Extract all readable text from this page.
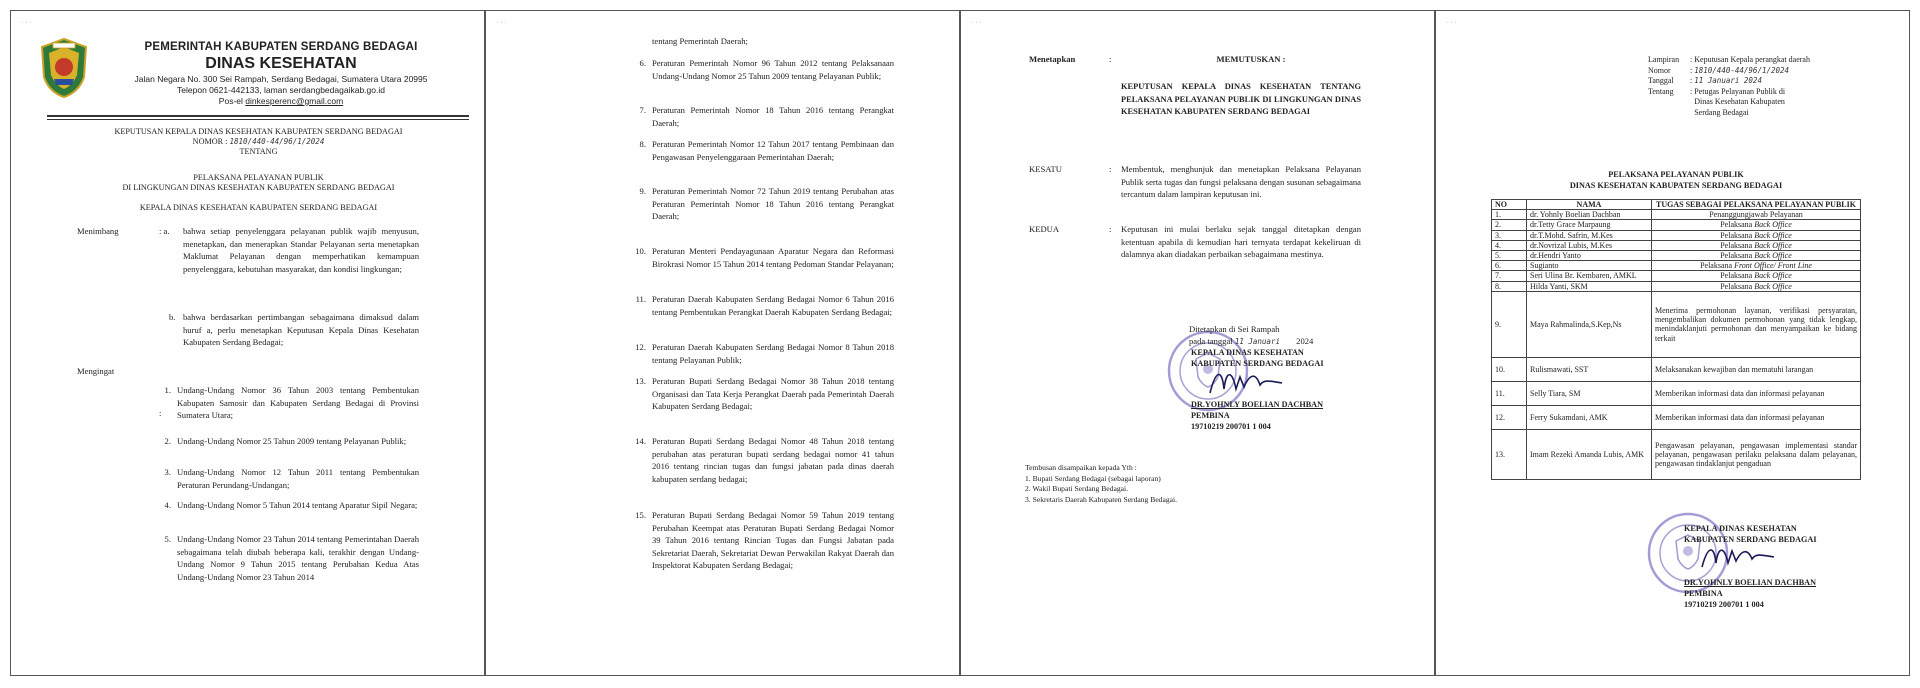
· · ·
PEMERINTAH KABUPATEN SERDANG BEDAGAI
DINAS KESEHATAN
Jalan Negara No. 300 Sei Rampah, Serdang Bedagai, Sumatera Utara 20995
Telepon 0621-442133, laman serdangbedagaikab.go.id
Pos-el dinkesperenc@gmail.com
KEPUTUSAN KEPALA DINAS KESEHATAN KABUPATEN SERDANG BEDAGAI
NOMOR : 1810/440-44/96/1/2024
TENTANG
PELAKSANA PELAYANAN PUBLIK
DI LINGKUNGAN DINAS KESEHATAN KABUPATEN SERDANG BEDAGAI
KEPALA DINAS KESEHATAN KABUPATEN SERDANG BEDAGAI
Menimbang	: a. bahwa setiap penyelenggara pelayanan publik wajib menyusun, menetapkan, dan menerapkan Standar Pelayanan serta menetapkan Maklumat Pelayanan dengan memperhatikan kemampuan penyelenggara, kebutuhan masyarakat, dan kondisi lingkungan;
b. bahwa berdasarkan pertimbangan sebagaimana dimaksud dalam huruf a, perlu menetapkan Keputusan Kepala Dinas Kesehatan Kabupaten Serdang Bedagai;
Mengingat
:
1. Undang-Undang Nomor 36 Tahun 2003 tentang Pembentukan Kabupaten Samosir dan Kabupaten Serdang Bedagai di Provinsi Sumatera Utara;
2. Undang-Undang Nomor 25 Tahun 2009 tentang Pelayanan Publik;
3. Undang-Undang Nomor 12 Tahun 2011 tentang Pembentukan Peraturan Perundang-Undangan;
4. Undang-Undang Nomor 5 Tahun 2014 tentang Aparatur Sipil Negara;
5. Undang-Undang Nomor 23 Tahun 2014 tentang Pemerintahan Daerah sebagaimana telah diubah beberapa kali, terakhir dengan Undang-Undang Nomor 9 Tahun 2015 tentang Perubahan Kedua Atas Undang-Undang Nomor 23 Tahun 2014
· · ·
tentang Pemerintah Daerah;
6. Peraturan Pemerintah Nomor 96 Tahun 2012 tentang Pelaksanaan Undang-Undang Nomor 25 Tahun 2009 tentang Pelayanan Publik;
7. Peraturan Pemerintah Nomor 18 Tahun 2016 tentang Perangkat Daerah;
8. Peraturan Pemerintah Nomor 12 Tahun 2017 tentang Pembinaan dan Pengawasan Penyelenggaraan Pemerintahan Daerah;
9. Peraturan Pemerintah Nomor 72 Tahun 2019 tentang Perubahan atas Peraturan Pemerintah Nomor 18 Tahun 2016 tentang Perangkat Daerah;
10. Peraturan Menteri Pendayagunaan Aparatur Negara dan Reformasi Birokrasi Nomor 15 Tahun 2014 tentang Pedoman Standar Pelayanan;
11. Peraturan Daerah Kabupaten Serdang Bedagai Nomor 6 Tahun 2016 tentang Pembentukan Perangkat Daerah Kabupaten Serdang Bedagai;
12. Peraturan Daerah Kabupaten Serdang Bedagai Nomor 8 Tahun 2018 tentang Pelayanan Publik;
13. Peraturan Bupati Serdang Bedagai Nomor 38 Tahun 2018 tentang Organisasi dan Tata Kerja Perangkat Daerah pada Pemerintah Daerah Kabupaten Serdang Bedagai;
14. Peraturan Bupati Serdang Bedagai Nomor 48 Tahun 2018 tentang perubahan atas peraturan bupati serdang bedagai nomor 41 tahun 2016 tentang rincian tugas dan fungsi jabatan pada dinas daerah kabupaten serdang bedagai;
15. Peraturan Bupati Serdang Bedagai Nomor 59 Tahun 2019 tentang Perubahan Keempat atas Peraturan Bupati Serdang Bedagai Nomor 39 Tahun 2016 tentang Rincian Tugas dan Fungsi Jabatan pada Sekretariat Daerah, Sekretariat Dewan Perwakilan Rakyat Daerah dan Inspektorat Kabupaten Serdang Bedagai;
· · ·
Menetapkan	:	MEMUTUSKAN :
KEPUTUSAN KEPALA DINAS KESEHATAN TENTANG PELAKSANA PELAYANAN PUBLIK DI LINGKUNGAN DINAS KESEHATAN KABUPATEN SERDANG BEDAGAI
KESATU	: Membentuk, menghunjuk dan menetapkan Pelaksana Pelayanan Publik serta tugas dan fungsi pelaksana dengan susunan sebagaimana tercantum dalam lampiran keputusan ini.
KEDUA	: Keputusan ini mulai berlaku sejak tanggal ditetapkan dengan ketentuan apabila di kemudian hari ternyata terdapat kekeliruan di dalamnya akan diadakan perbaikan sebagaimana mestinya.
Ditetapkan di Sei Rampah
pada tanggal 11 Januari 2024
KEPALA DINAS KESEHATAN
KABUPATEN SERDANG BEDAGAI
DR.YOHNLY BOELIAN DACHBAN
PEMBINA
19710219 200701 1 004
Tembusan disampaikan kepada Yth :
1. Bupati Serdang Bedagai (sebagai laporan)
2. Wakil Bupati Serdang Bedagai.
3. Sekretaris Daerah Kabupaten Serdang Bedagai.
· · ·
Lampiran : Keputusan Kepala perangkat daerah
Nomor : 1810/440-44/96/1/2024
Tanggal : 11 Januari 2024
Tentang	: Petugas Pelayanan Publik di Dinas Kesehatan Kabupaten Serdang Bedagai
PELAKSANA PELAYANAN PUBLIK
DINAS KESEHATAN KABUPATEN SERDANG BEDAGAI
NO	NAMA	TUGAS SEBAGAI PELAKSANA PELAYANAN PUBLIK
1.	dr. Yohnly Boelian Dachban	Penanggungjawab Pelayanan
2.	dr.Tetty Grace Marpaung	Pelaksana Back Office
3.	dr.T.Mohd. Safrin, M.Kes	Pelaksana Back Office
4.	dr.Novrizal Lubis, M.Kes	Pelaksana Back Office
5.	dr.Hendri Yanto	Pelaksana Back Office
6.	Sugianto	Pelaksana Front Office/ Front Line
7.	Seri Ulina Br. Kembaren, AMKL	Pelaksana Back Office
8.	Hilda Yanti, SKM	Pelaksana Back Office
9.	Maya Rahmalinda,S.Kep,Ns	Menerima permohonan layanan, verifikasi persyaratan, mengembalikan dokumen permohonan yang tidak lengkap, menindaklanjuti permohonan dan menyampaikan ke bidang terkait
10.	Rulismawati, SST	Melaksanakan kewajiban dan mematuhi larangan
11.	Selly Tiara, SM	Memberikan informasi data dan informasi pelayanan
12.	Ferry Sukamdani, AMK	Memberikan informasi data dan informasi pelayanan
13.	Imam Rezeki Amanda Lubis, AMK	Pengawasan pelayanan, pengawasan implementasi standar pelayanan, pengawasan perilaku pelaksana dalam pelayanan, pengawasan tindaklanjut pengaduan
KEPALA DINAS KESEHATAN
KABUPATEN SERDANG BEDAGAI
DR.YOHNLY BOELIAN DACHBAN
PEMBINA
19710219 200701 1 004
